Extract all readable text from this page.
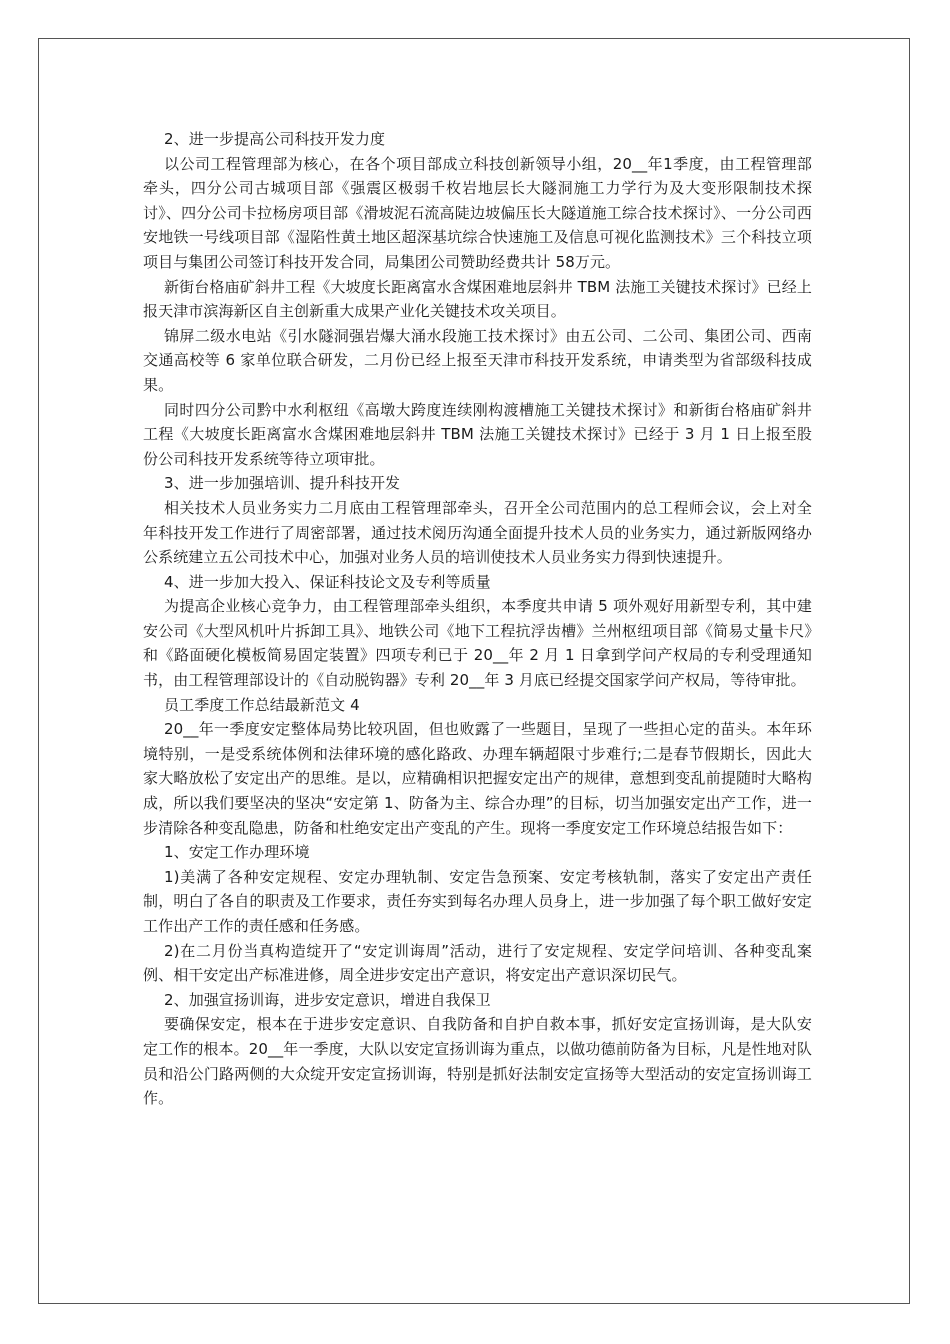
2、进一步提高公司科技开发力度

以公司工程管理部为核心，在各个项目部成立科技创新领导小组，20__年1季度，由工程管理部牵头，四分公司古城项目部《强震区极弱千枚岩地层长大隧洞施工力学行为及大变形限制技术探讨》、四分公司卡拉杨房项目部《滑坡泥石流高陡边坡偏压长大隧道施工综合技术探讨》、一分公司西安地铁一号线项目部《湿陷性黄土地区超深基坑综合快速施工及信息可视化监测技术》三个科技立项项目与集团公司签订科技开发合同，局集团公司赞助经费共计 58万元。

新街台格庙矿斜井工程《大坡度长距离富水含煤困难地层斜井 TBM 法施工关键技术探讨》已经上报天津市滨海新区自主创新重大成果产业化关键技术攻关项目。

锦屏二级水电站《引水隧洞强岩爆大涌水段施工技术探讨》由五公司、二公司、集团公司、西南交通高校等 6 家单位联合研发，二月份已经上报至天津市科技开发系统，申请类型为省部级科技成果。

同时四分公司黔中水利枢纽《高墩大跨度连续刚构渡槽施工关键技术探讨》和新街台格庙矿斜井工程《大坡度长距离富水含煤困难地层斜井 TBM 法施工关键技术探讨》已经于 3 月 1 日上报至股份公司科技开发系统等待立项审批。

3、进一步加强培训、提升科技开发

相关技术人员业务实力二月底由工程管理部牵头，召开全公司范围内的总工程师会议，会上对全年科技开发工作进行了周密部署，通过技术阅历沟通全面提升技术人员的业务实力，通过新版网络办公系统建立五公司技术中心，加强对业务人员的培训使技术人员业务实力得到快速提升。

4、进一步加大投入、保证科技论文及专利等质量

为提高企业核心竞争力，由工程管理部牵头组织，本季度共申请 5 项外观好用新型专利，其中建安公司《大型风机叶片拆卸工具》、地铁公司《地下工程抗浮齿槽》兰州枢纽项目部《简易丈量卡尺》和《路面硬化模板简易固定装置》四项专利已于 20__年 2 月 1 日拿到学问产权局的专利受理通知书，由工程管理部设计的《自动脱钩器》专利 20__年 3 月底已经提交国家学问产权局，等待审批。

员工季度工作总结最新范文 4

20__年一季度安定整体局势比较巩固，但也败露了一些题目，呈现了一些担心定的苗头。本年环境特别，一是受系统体例和法律环境的感化路政、办理车辆超限寸步难行;二是春节假期长，因此大家大略放松了安定出产的思维。是以，应精确相识把握安定出产的规律，意想到变乱前提随时大略构成，所以我们要坚决的坚决“安定第 1、防备为主、综合办理”的目标，切当加强安定出产工作，进一步清除各种变乱隐患，防备和杜绝安定出产变乱的产生。现将一季度安定工作环境总结报告如下：

1、安定工作办理环境

1)美满了各种安定规程、安定办理轨制、安定告急预案、安定考核轨制，落实了安定出产责任制，明白了各自的职责及工作要求，责任夯实到每名办理人员身上，进一步加强了每个职工做好安定工作出产工作的责任感和任务感。

2)在二月份当真构造绽开了“安定训诲周”活动，进行了安定规程、安定学问培训、各种变乱案例、相干安定出产标准进修，周全进步安定出产意识，将安定出产意识深切民气。

2、加强宣扬训诲，进步安定意识，增进自我保卫

要确保安定，根本在于进步安定意识、自我防备和自护自救本事，抓好安定宣扬训诲，是大队安定工作的根本。20__年一季度，大队以安定宣扬训诲为重点，以做功德前防备为目标，凡是性地对队员和沿公门路两侧的大众绽开安定宣扬训诲，特别是抓好法制安定宣扬等大型活动的安定宣扬训诲工作。
